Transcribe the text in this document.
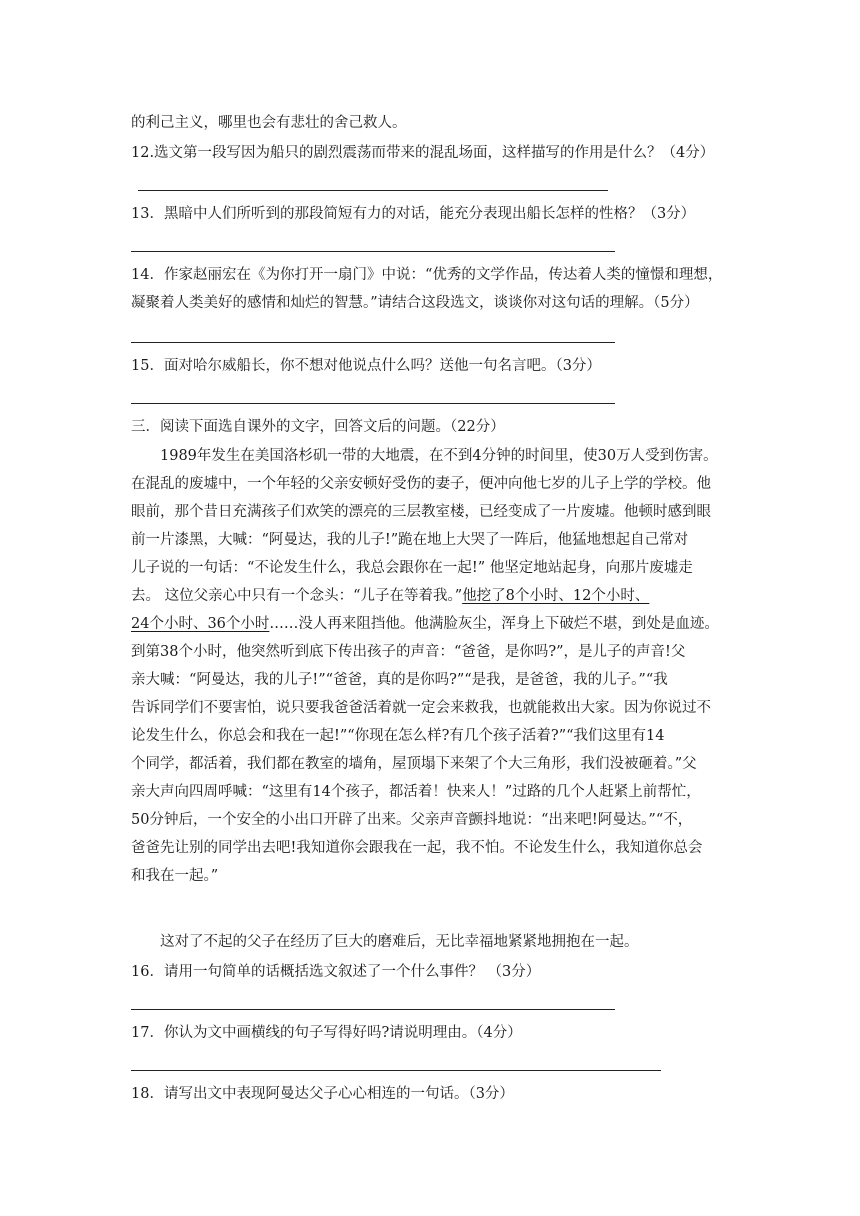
的利己主义，哪里也会有悲壮的舍己救人。
12.选文第一段写因为船只的剧烈震荡而带来的混乱场面，这样描写的作用是什么？（4分）
13．黑暗中人们所听到的那段简短有力的对话，能充分表现出船长怎样的性格？（3分）
14．作家赵丽宏在《为你打开一扇门》中说：“优秀的文学作品，传达着人类的憧憬和理想，
凝聚着人类美好的感情和灿烂的智慧。”请结合这段选文，谈谈你对这句话的理解。（5分）
15．面对哈尔威船长，你不想对他说点什么吗？送他一句名言吧。（3分）
三．阅读下面选自课外的文字，回答文后的问题。（22分）
1989年发生在美国洛杉矶一带的大地震，在不到4分钟的时间里，使30万人受到伤害。
在混乱的废墟中，一个年轻的父亲安顿好受伤的妻子，便冲向他七岁的儿子上学的学校。他
眼前，那个昔日充满孩子们欢笑的漂亮的三层教室楼，已经变成了一片废墟。他顿时感到眼
前一片漆黑，大喊：“阿曼达，我的儿子!”跪在地上大哭了一阵后，他猛地想起自己常对
儿子说的一句话：“不论发生什么，我总会跟你在一起!” 他坚定地站起身，向那片废墟走
去。 这位父亲心中只有一个念头：“儿子在等着我。”他挖了8个小时、12个小时、
24个小时、36个小时……没人再来阻挡他。他满脸灰尘，浑身上下破烂不堪，到处是血迹。
到第38个小时，他突然听到底下传出孩子的声音：“爸爸，是你吗?”，是儿子的声音!父
亲大喊：“阿曼达，我的儿子!”“爸爸，真的是你吗?”“是我，是爸爸，我的儿子。”“我
告诉同学们不要害怕，说只要我爸爸活着就一定会来救我，也就能救出大家。因为你说过不
论发生什么，你总会和我在一起!”“你现在怎么样?有几个孩子活着?”“我们这里有14
个同学，都活着，我们都在教室的墙角，屋顶塌下来架了个大三角形，我们没被砸着。”父
亲大声向四周呼喊：“这里有14个孩子，都活着！快来人！”过路的几个人赶紧上前帮忙，
50分钟后，一个安全的小出口开辟了出来。父亲声音颤抖地说：“出来吧!阿曼达。”“不，
爸爸先让别的同学出去吧!我知道你会跟我在一起，我不怕。不论发生什么，我知道你总会
和我在一起。”
这对了不起的父子在经历了巨大的磨难后，无比幸福地紧紧地拥抱在一起。
16．请用一句简单的话概括选文叙述了一个什么事件？ （3分）
17．你认为文中画横线的句子写得好吗?请说明理由。（4分）
18．请写出文中表现阿曼达父子心心相连的一句话。（3分）
